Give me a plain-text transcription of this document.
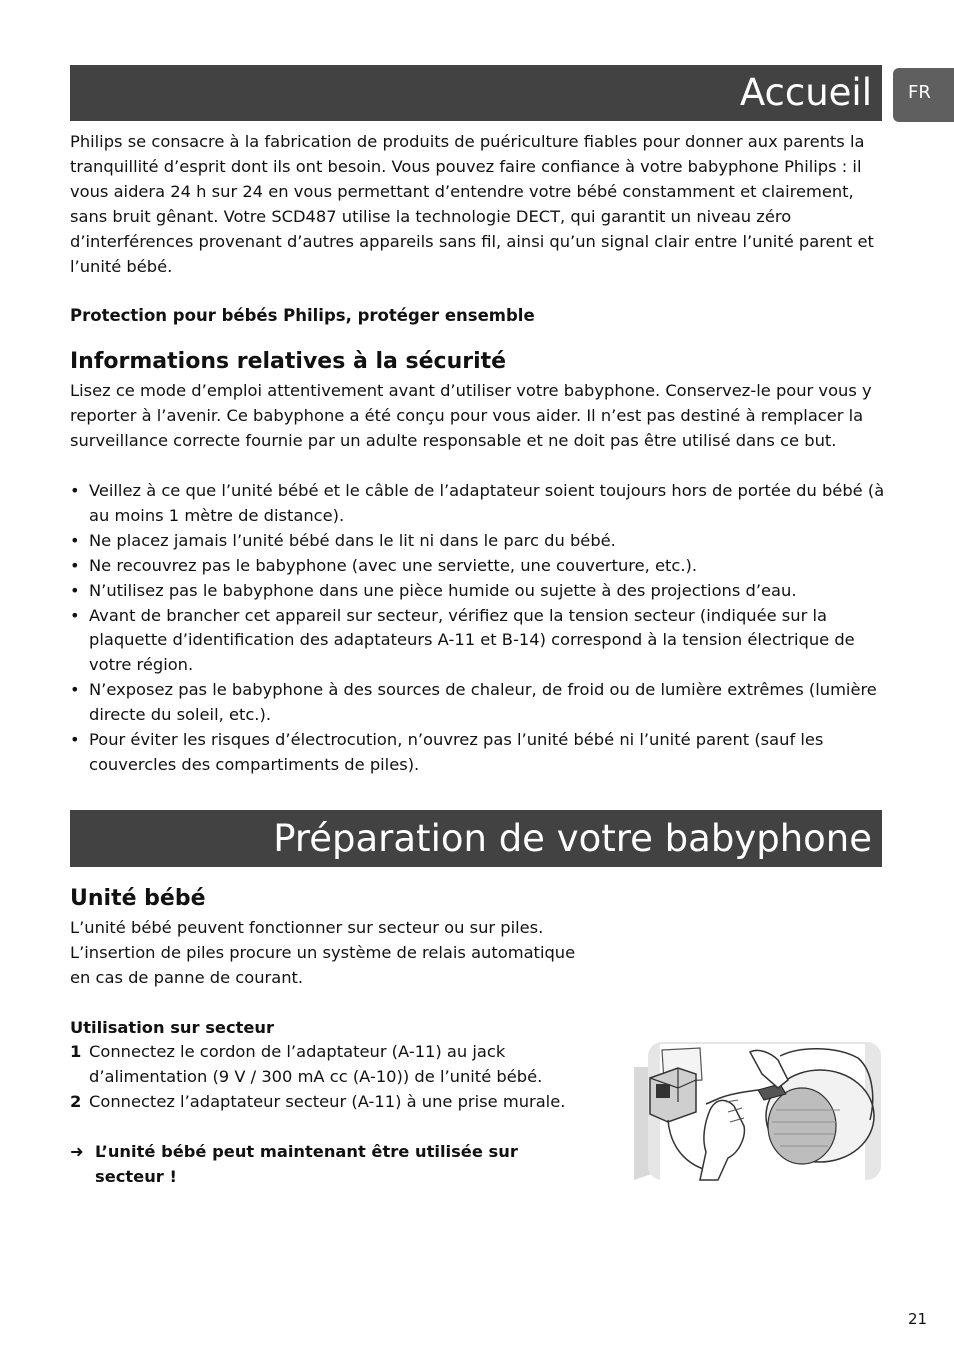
Accueil	FR

Philips se consacre à la fabrication de produits de puériculture fiables pour donner aux parents la tranquillité d’esprit dont ils ont besoin. Vous pouvez faire confiance à votre babyphone Philips : il vous aidera 24 h sur 24 en vous permettant d’entendre votre bébé constamment et clairement, sans bruit gênant. Votre SCD487 utilise la technologie DECT, qui garantit un niveau zéro d’interférences provenant d’autres appareils sans fil, ainsi qu’un signal clair entre l’unité parent et l’unité bébé.

Protection pour bébés Philips, protéger ensemble
Informations relatives à la sécurité

Lisez ce mode d’emploi attentivement avant d’utiliser votre babyphone. Conservez-le pour vous y reporter à l’avenir. Ce babyphone a été conçu pour vous aider. Il n’est pas destiné à remplacer la surveillance correcte fournie par un adulte responsable et ne doit pas être utilisé dans ce but.

• Veillez à ce que l’unité bébé et le câble de l’adaptateur soient toujours hors de portée du bébé (à au moins 1 mètre de distance).
• Ne placez jamais l’unité bébé dans le lit ni dans le parc du bébé.
• Ne recouvrez pas le babyphone (avec une serviette, une couverture, etc.).
• N’utilisez pas le babyphone dans une pièce humide ou sujette à des projections d’eau.
• Avant de brancher cet appareil sur secteur, vérifiez que la tension secteur (indiquée sur la plaquette d’identification des adaptateurs A-11 et B-14) correspond à la tension électrique de votre région.
• N’exposez pas le babyphone à des sources de chaleur, de froid ou de lumière extrêmes (lumière directe du soleil, etc.).
• Pour éviter les risques d’électrocution, n’ouvrez pas l’unité bébé ni l’unité parent (sauf les couvercles des compartiments de piles).
Préparation de votre babyphone
Unité bébé

L’unité bébé peuvent fonctionner sur secteur ou sur piles. L’insertion de piles procure un système de relais automatique en cas de panne de courant.

Utilisation sur secteur
1 Connectez le cordon de l’adaptateur (A-11) au jack d’alimentation (9 V / 300 mA cc (A-10)) de l’unité bébé.
2 Connectez l’adaptateur secteur (A-11) à une prise murale.
➜ L’unité bébé peut maintenant être utilisée sur secteur !
21
